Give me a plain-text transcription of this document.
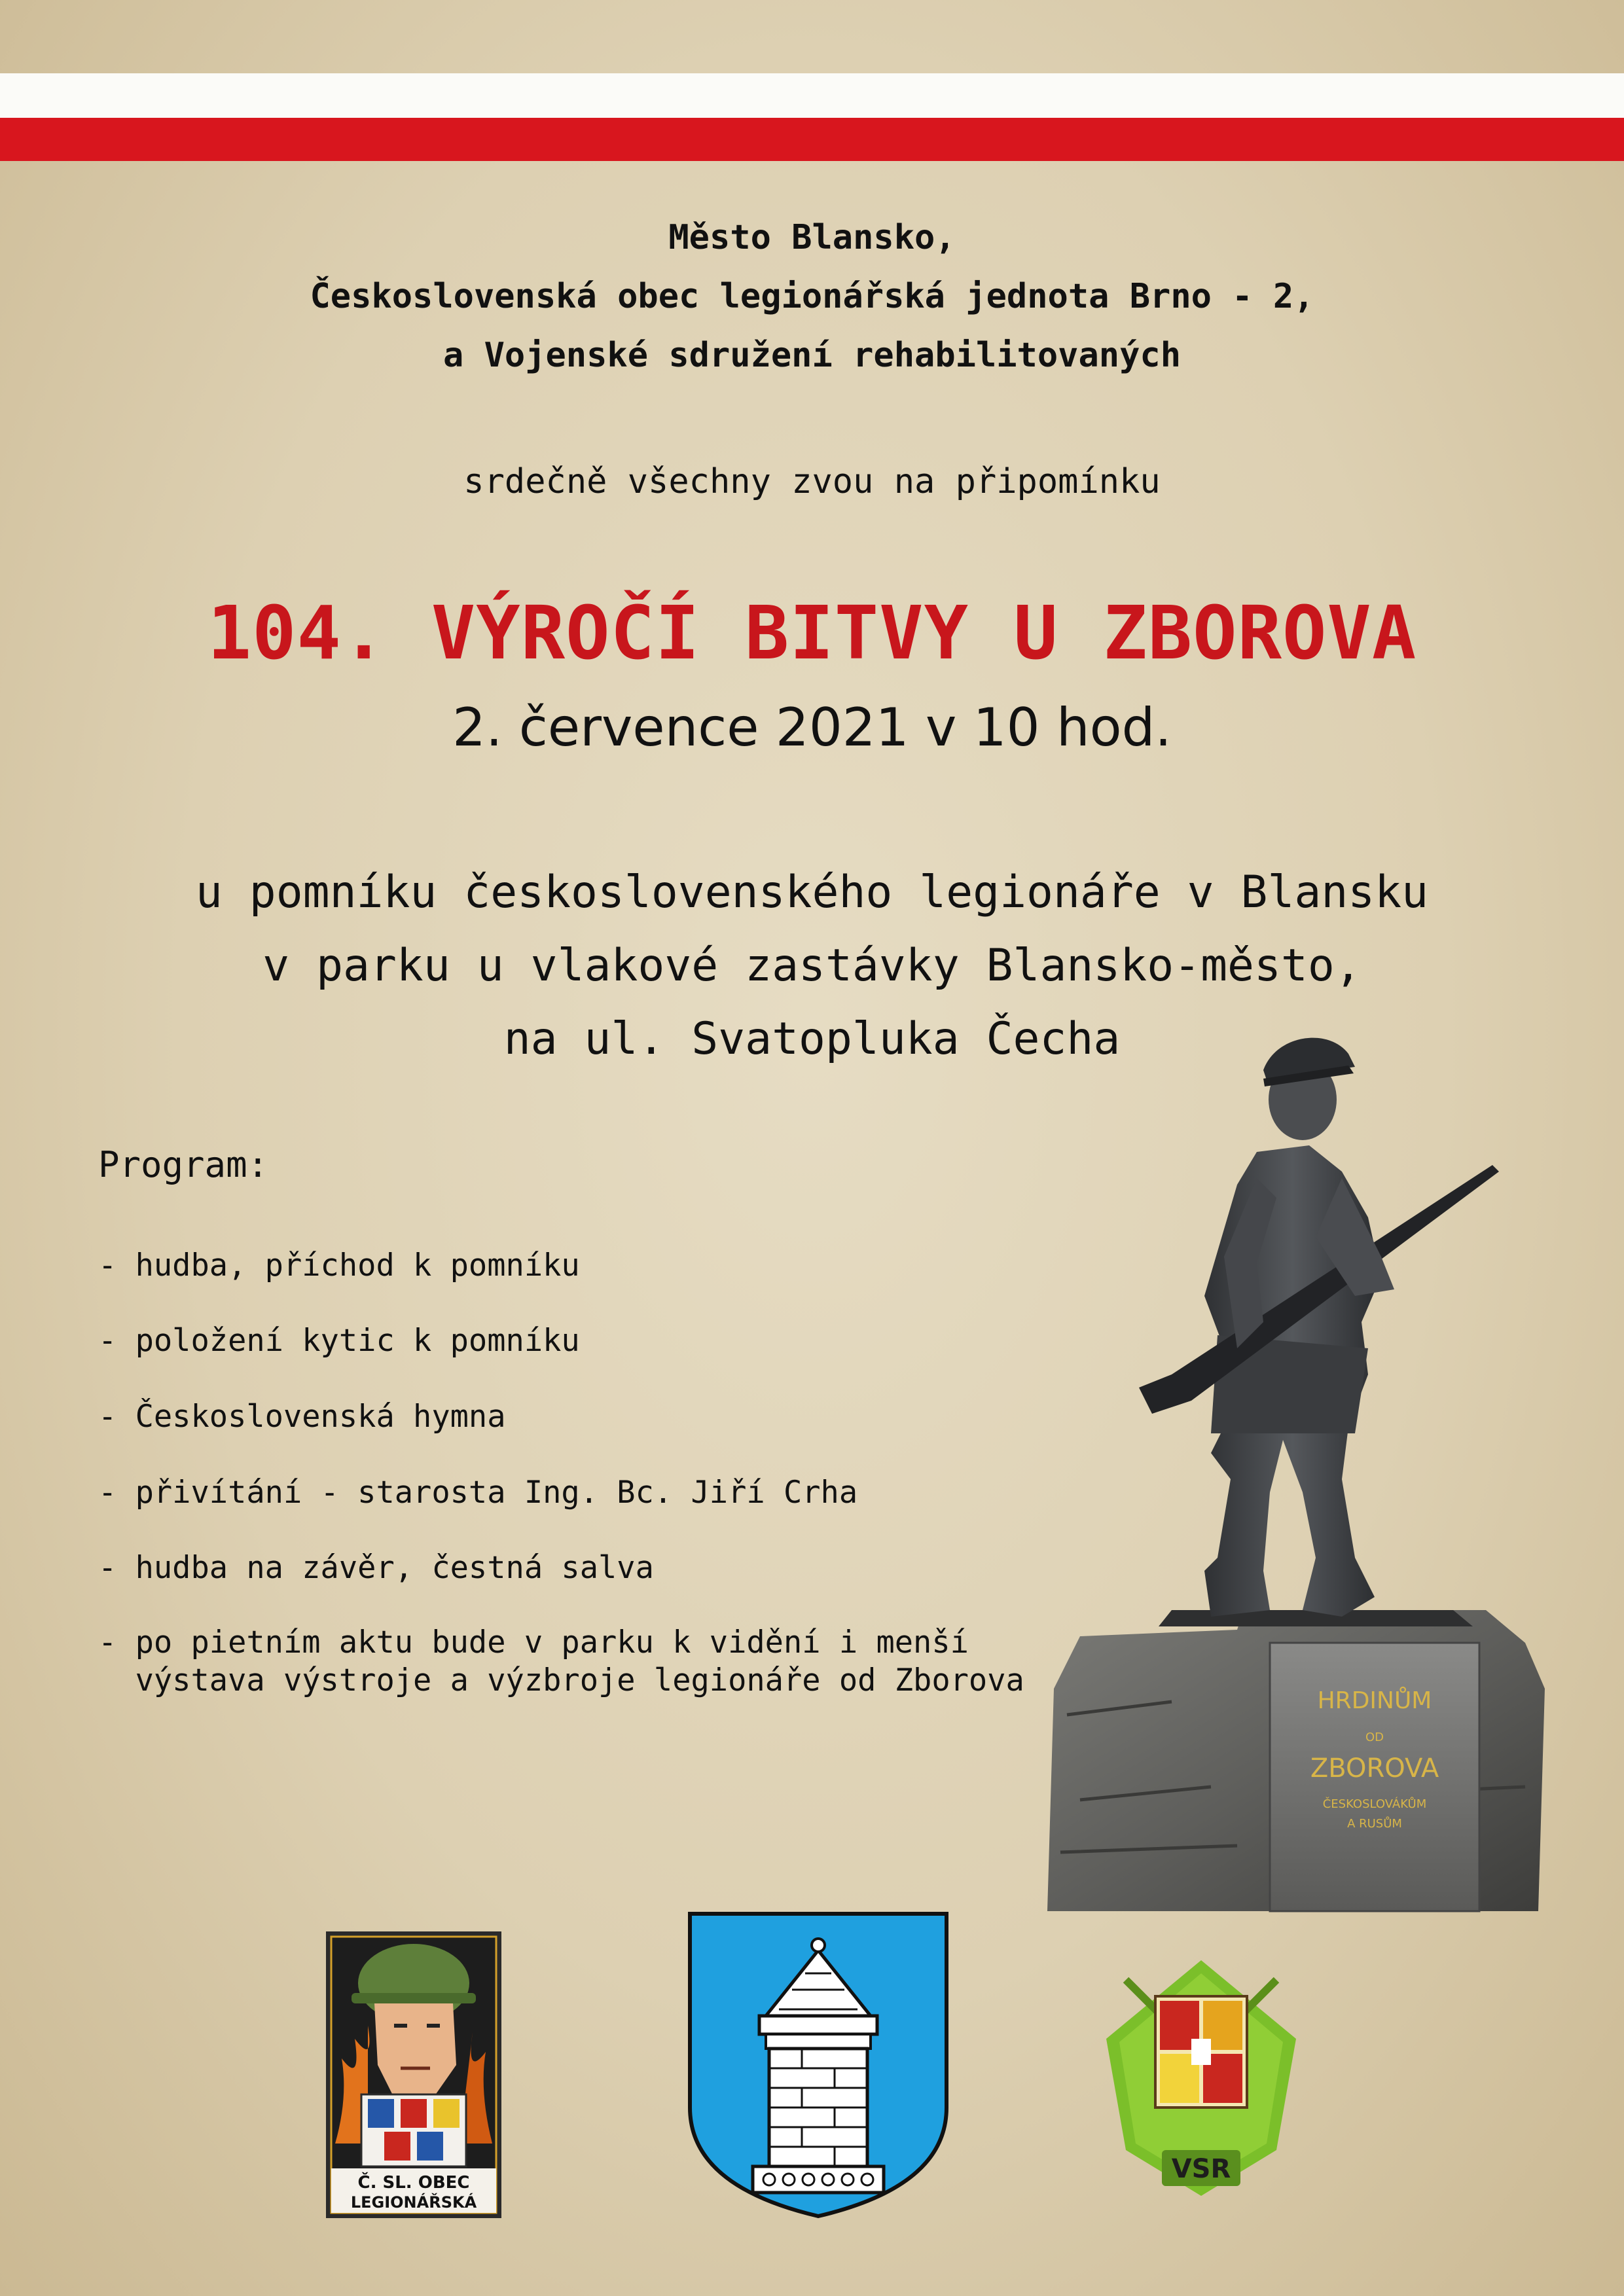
Město Blansko,
Československá obec legionářská jednota Brno - 2,
a Vojenské sdružení rehabilitovaných
srdečně všechny zvou na připomínku
104. VÝROČÍ BITVY U ZBOROVA
2. července 2021 v 10 hod.
u pomníku československého legionáře v Blansku
v parku u vlakové zastávky Blansko-město,
na ul. Svatopluka Čecha
Program:
- hudba, příchod k pomníku
- položení kytic k pomníku
- Československá hymna
- přivítání - starosta Ing. Bc. Jiří Crha
- hudba na závěr, čestná salva
- po pietním aktu bude v parku k vidění i menší
výstava výstroje a výzbroje legionáře od Zborova
HRDINŮM
OD
ZBOROVA
ČESKOSLOVÁKŮM
A RUSŮM
Č. SL. OBEC
LEGIONÁŘSKÁ
VSR
